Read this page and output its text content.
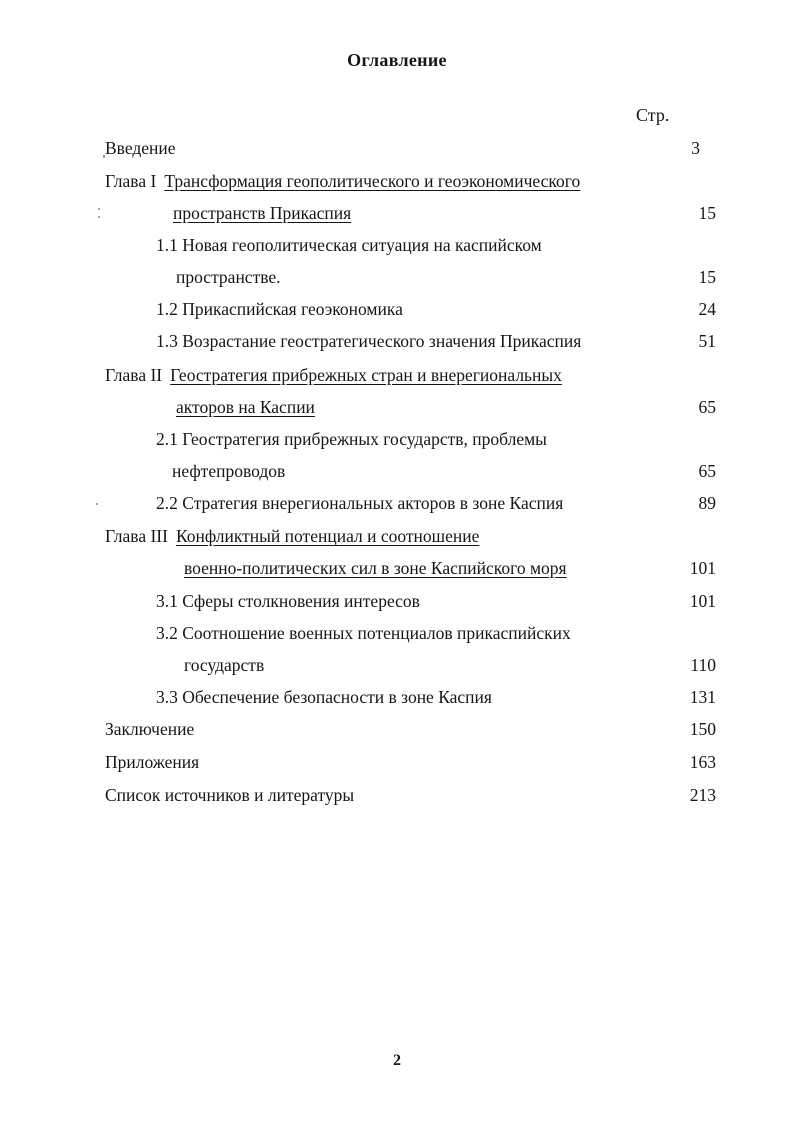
Оглавление
Стр.
Введение	3
Глава I Трансформация геополитического и геоэкономического
пространств Прикаспия	15
1.1 Новая геополитическая ситуация на каспийском
пространстве.	15
1.2 Прикаспийская геоэкономика	24
1.3 Возрастание геостратегического значения Прикаспия	51
Глава II Геостратегия прибрежных стран и внерегиональных
акторов на Каспии	65
2.1 Геостратегия прибрежных государств, проблемы
нефтепроводов	65
2.2 Стратегия внерегиональных акторов в зоне Каспия	89
Глава III Конфликтный потенциал и соотношение
военно-политических сил в зоне Каспийского моря	101
3.1 Сферы столкновения интересов	101
3.2 Соотношение военных потенциалов прикаспийских
государств	110
3.3 Обеспечение безопасности в зоне Каспия	131
Заключение	150
Приложения	163
Список источников и литературы	213
2
